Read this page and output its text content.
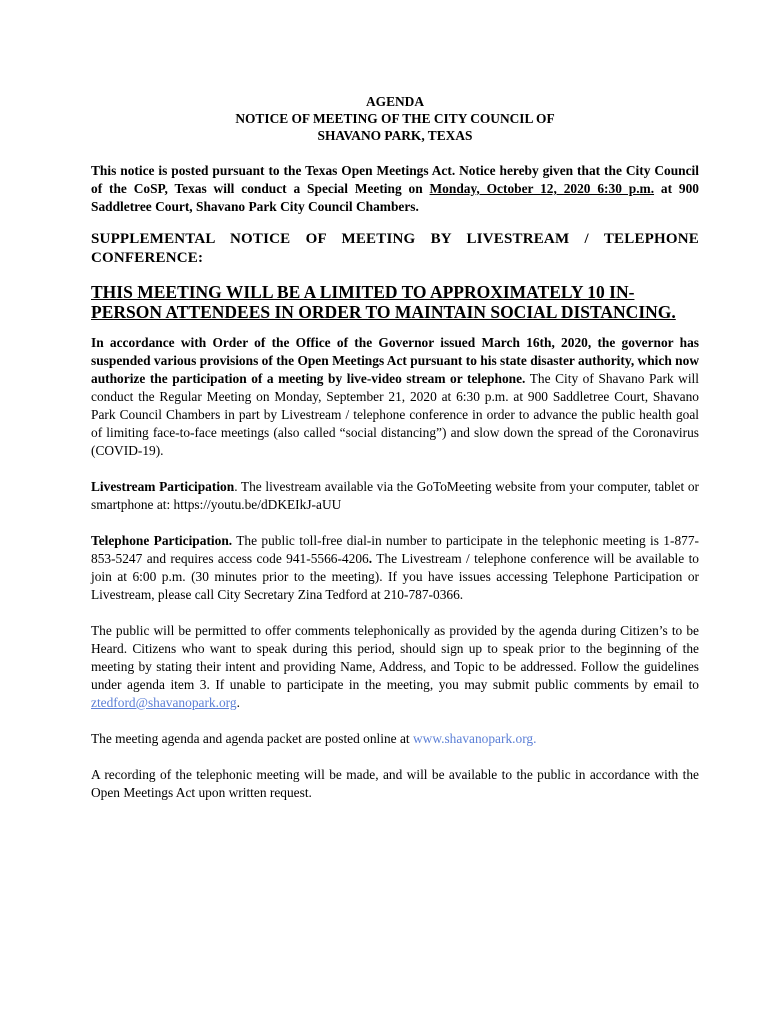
AGENDA
NOTICE OF MEETING OF THE CITY COUNCIL OF
SHAVANO PARK, TEXAS

This notice is posted pursuant to the Texas Open Meetings Act. Notice hereby given that the City Council of the CoSP, Texas will conduct a Special Meeting on Monday, October 12, 2020 6:30 p.m. at 900 Saddletree Court, Shavano Park City Council Chambers.

SUPPLEMENTAL NOTICE OF MEETING BY LIVESTREAM / TELEPHONE CONFERENCE:
THIS MEETING WILL BE A LIMITED TO APPROXIMATELY 10 IN-PERSON ATTENDEES IN ORDER TO MAINTAIN SOCIAL DISTANCING.

In accordance with Order of the Office of the Governor issued March 16th, 2020, the governor has suspended various provisions of the Open Meetings Act pursuant to his state disaster authority, which now authorize the participation of a meeting by live-video stream or telephone. The City of Shavano Park will conduct the Regular Meeting on Monday, September 21, 2020 at 6:30 p.m. at 900 Saddletree Court, Shavano Park Council Chambers in part by Livestream / telephone conference in order to advance the public health goal of limiting face-to-face meetings (also called “social distancing”) and slow down the spread of the Coronavirus (COVID-19).

Livestream Participation. The livestream available via the GoToMeeting website from your computer, tablet or smartphone at: https://youtu.be/dDKEIkJ-aUU

Telephone Participation. The public toll-free dial-in number to participate in the telephonic meeting is 1-877-853-5247 and requires access code 941-5566-4206. The Livestream / telephone conference will be available to join at 6:00 p.m. (30 minutes prior to the meeting). If you have issues accessing Telephone Participation or Livestream, please call City Secretary Zina Tedford at 210-787-0366.

The public will be permitted to offer comments telephonically as provided by the agenda during Citizen’s to be Heard. Citizens who want to speak during this period, should sign up to speak prior to the beginning of the meeting by stating their intent and providing Name, Address, and Topic to be addressed. Follow the guidelines under agenda item 3. If unable to participate in the meeting, you may submit public comments by email to ztedford@shavanopark.org.

The meeting agenda and agenda packet are posted online at www.shavanopark.org.

A recording of the telephonic meeting will be made, and will be available to the public in accordance with the Open Meetings Act upon written request.
